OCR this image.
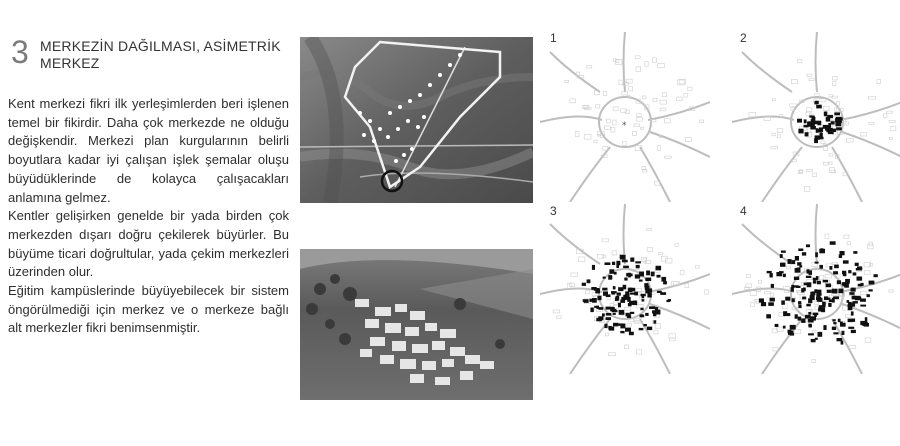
3 MERKEZİN DAĞILMASI, ASİMETRİK
MERKEZ

Kent merkezi fikri ilk yerleşimlerden beri işlenen temel bir fikirdir. Daha çok merkezde ne olduğu değişkendir. Merkezi plan kurgularının belirli boyutlara kadar iyi çalışan işlek şemalar oluşu büyüdüklerinde de kolayca çalışacakları anlamına gelmez.

Kentler gelişirken genelde bir yada birden çok merkezden dışarı doğru çekilerek büyürler. Bu büyüme ticari doğrultular, yada çekim merkezleri üzerinden olur.

Eğitim kampüslerinde büyüyebilecek bir sistem öngörülmediği için merkez ve o merkeze bağlı alt merkezler fikri benimsenmiştir.

1	2
3	4
*
